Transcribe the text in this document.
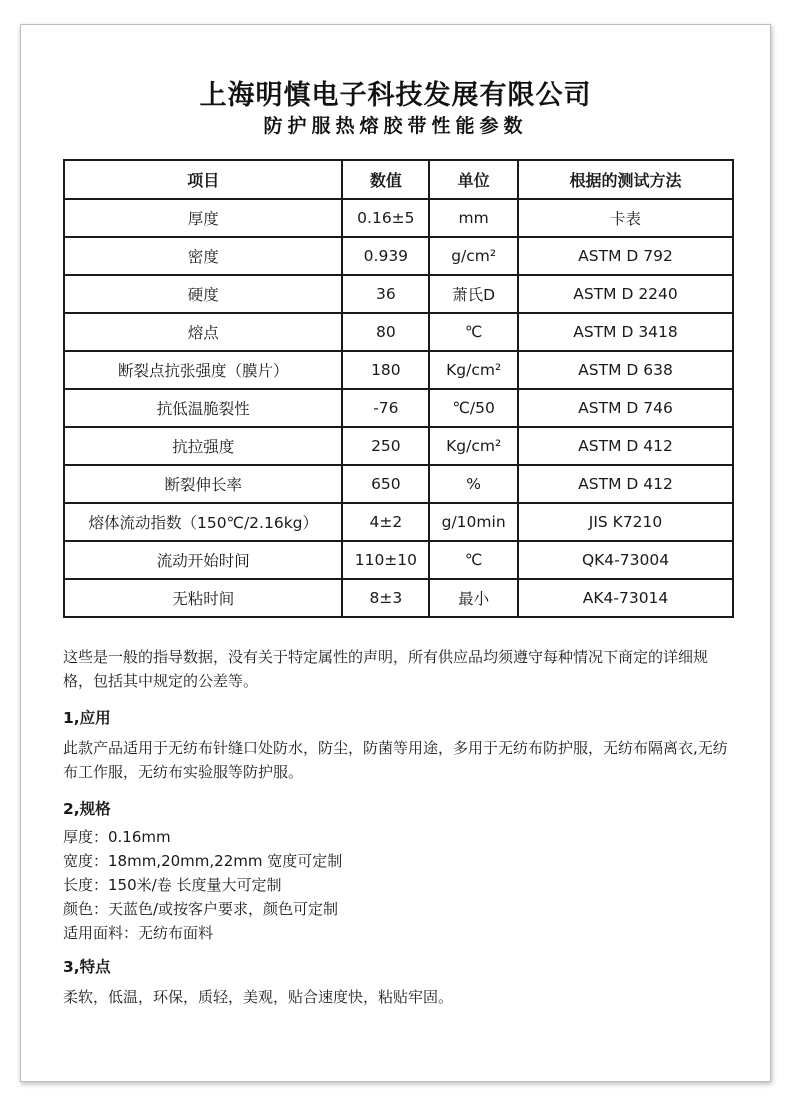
上海明慎电子科技发展有限公司
防护服热熔胶带性能参数
项目	数值	单位	根据的测试方法
厚度	0.16±5	mm	卡表
密度	0.939	g/cm²	ASTM D 792
硬度	36	萧氏D	ASTM D 2240
熔点	80	℃	ASTM D 3418
断裂点抗张强度（膜片）	180	Kg/cm²	ASTM D 638
抗低温脆裂性	-76	℃/50	ASTM D 746
抗拉强度	250	Kg/cm²	ASTM D 412
断裂伸长率	650	%	ASTM D 412
熔体流动指数（150℃/2.16kg）	4±2	g/10min	JIS K7210
流动开始时间	110±10	℃	QK4-73004
无粘时间	8±3	最小	AK4-73014
这些是一般的指导数据，没有关于特定属性的声明，所有供应品均须遵守每种情况下商定的详细规格，包括其中规定的公差等。
1,应用
此款产品适用于无纺布针缝口处防水，防尘，防菌等用途，多用于无纺布防护服，无纺布隔离衣,无纺布工作服，无纺布实验服等防护服。
2,规格
厚度：0.16mm
宽度：18mm,20mm,22mm 宽度可定制
长度：150米/卷 长度量大可定制
颜色：天蓝色/或按客户要求，颜色可定制
适用面料：无纺布面料
3,特点
柔软，低温，环保，质轻，美观，贴合速度快，粘贴牢固。
